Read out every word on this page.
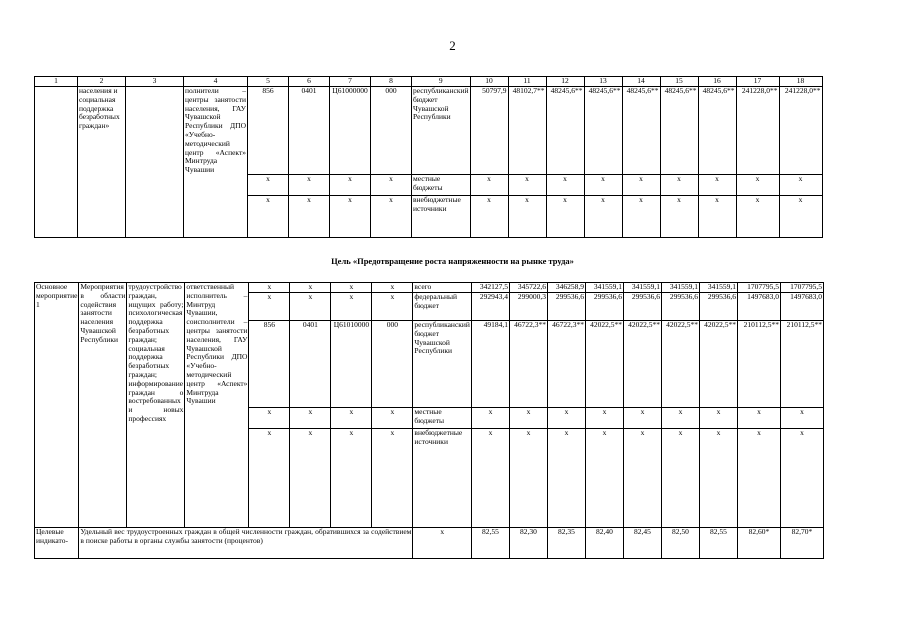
2
1	2	3	4	5	6	7	8	9	10	11	12	13	14	15	16	17	18
	населения и социальная поддержка безработных граждан»		полнители – центры занятости населения, ГАУ Чувашской Республики ДПО «Учебно-методический центр «Аспект» Минтруда Чувашии	856	0401	Ц61000000	000	республиканский бюджет Чувашской Республики	50797,9	48102,7**	48245,6**	48245,6**	48245,6**	48245,6**	48245,6**	241228,0**	241228,0**
				x	x	x	x	местные бюджеты	x	x	x	x	x	x	x	x	x
				x	x	x	x	внебюджетные источники	x	x	x	x	x	x	x	x	x
Цель «Предотвращение роста напряженности на рынке труда»
Основное мероприятие 1	Мероприятия в области содействия занятости населения Чувашской Республики	трудоустройство граждан, ищущих работу; психологическая поддержка безработных граждан; социальная поддержка безработных граждан; информирование граждан о востребованных и новых профессиях	ответственный исполнитель – Минтруд Чувашии, соисполнители – центры занятости населения, ГАУ Чувашской Республики ДПО «Учебно-методический центр «Аспект» Минтруда Чувашии	x	x	x	x	всего	342127,5	345722,6	346258,9	341559,1	341559,1	341559,1	341559,1	1707795,5	1707795,5
				x	x	x	x	федеральный бюджет	292943,4	299000,3	299536,6	299536,6	299536,6	299536,6	299536,6	1497683,0	1497683,0
				856	0401	Ц61010000	000	республиканский бюджет Чувашской Республики	49184,1	46722,3**	46722,3**	42022,5**	42022,5**	42022,5**	42022,5**	210112,5**	210112,5**
				x	x	x	x	местные бюджеты	x	x	x	x	x	x	x	x	x
				x	x	x	x	внебюджетные источники	x	x	x	x	x	x	x	x	x
Целевые индикато-	Удельный вес трудоустроенных граждан в общей численности граждан, обратившихся за содействием в поиске работы в органы службы занятости (процентов)							x	82,55	82,30	82,35	82,40	82,45	82,50	82,55	82,60*	82,70*
